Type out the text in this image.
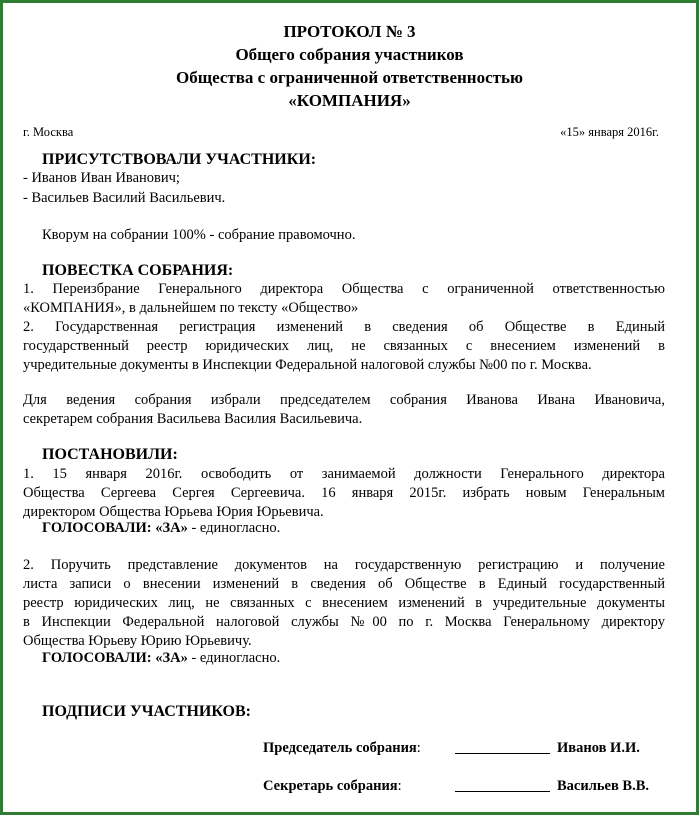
ПРОТОКОЛ № 3

Общего собрания участников

Общества с ограниченной ответственностью

«КОМПАНИЯ»

г. Москва	«15» января 2016г.
ПРИСУТСТВОВАЛИ УЧАСТНИКИ:
- Иванов Иван Иванович;
- Васильев Василий Васильевич.
Кворум на собрании 100% - собрание правомочно.
ПОВЕСТКА СОБРАНИЯ:
1. Переизбрание Генерального директора Общества с ограниченной ответственностью
«КОМПАНИЯ», в дальнейшем по тексту «Общество»
2. Государственная регистрация изменений в сведения об Обществе в Единый
государственный реестр юридических лиц, не связанных с внесением изменений в
учредительные документы в Инспекции Федеральной налоговой службы №00 по г. Москва.
Для ведения собрания избрали председателем собрания Иванова Ивана Ивановича,
секретарем собрания Васильева Василия Васильевича.
ПОСТАНОВИЛИ:
1. 15 января 2016г. освободить от занимаемой должности Генерального директора
Общества Сергеева Сергея Сергеевича. 16 января 2015г. избрать новым Генеральным
директором Общества Юрьева Юрия Юрьевича.
ГОЛОСОВАЛИ: «ЗА» - единогласно.
2. Поручить представление документов на государственную регистрацию и получение
листа записи о внесении изменений в сведения об Обществе в Единый государственный
реестр юридических лиц, не связанных с внесением изменений в учредительные документы
в Инспекции Федеральной налоговой службы №00 по г. Москва Генеральному директору
Общества Юрьеву Юрию Юрьевичу.
ГОЛОСОВАЛИ: «ЗА» - единогласно.
ПОДПИСИ УЧАСТНИКОВ:
Председатель собрания:	Иванов И.И.
Секретарь собрания:	Васильев В.В.
